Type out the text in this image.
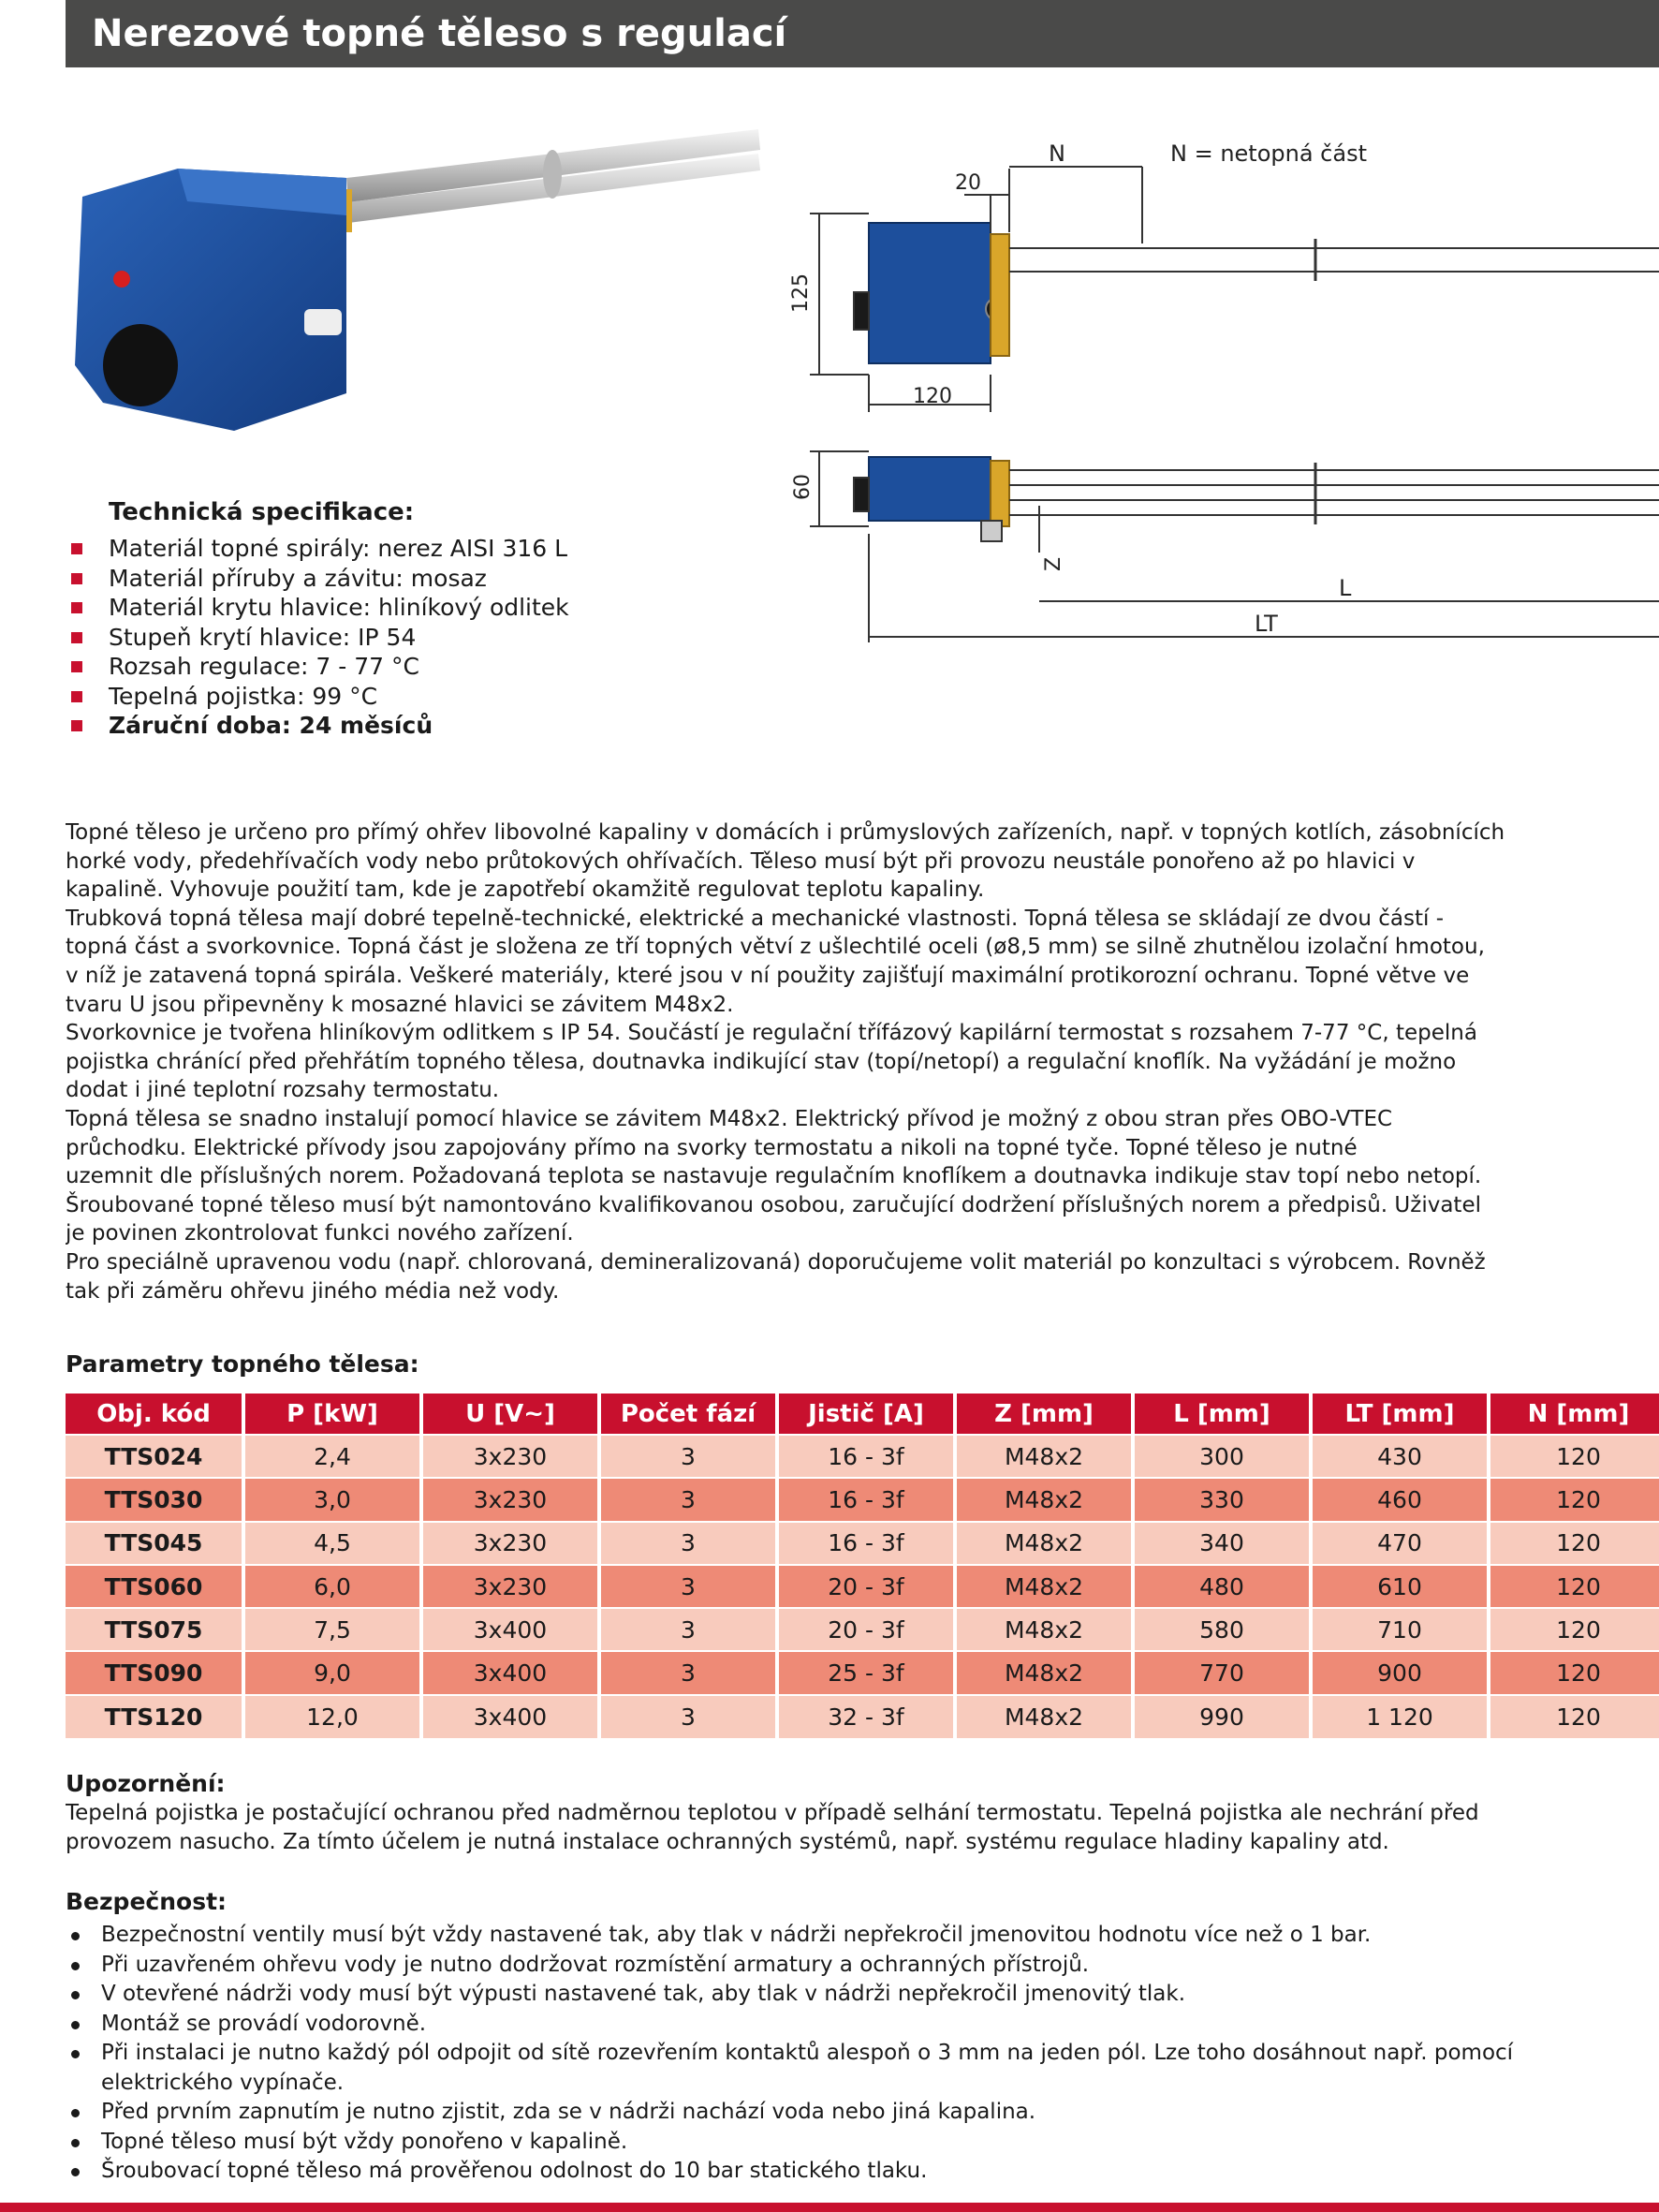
Nerezové topné těleso s regulací
N	N = netopná část
20
125
120
60
Z
L
LT
Technická specifikace:
Materiál topné spirály: nerez AISI 316 L
Materiál příruby a závitu: mosaz
Materiál krytu hlavice: hliníkový odlitek
Stupeň krytí hlavice: IP 54
Rozsah regulace: 7 - 77 °C
Tepelná pojistka: 99 °C
Záruční doba: 24 měsíců

Topné těleso je určeno pro přímý ohřev libovolné kapaliny v domácích i průmyslových zařízeních, např. v topných kotlích, zásobnících

horké vody, předehřívačích vody nebo průtokových ohřívačích. Těleso musí být při provozu neustále ponořeno až po hlavici v

kapalině. Vyhovuje použití tam, kde je zapotřebí okamžitě regulovat teplotu kapaliny.

Trubková topná tělesa mají dobré tepelně-technické, elektrické a mechanické vlastnosti. Topná tělesa se skládají ze dvou částí -

topná část a svorkovnice. Topná část je složena ze tří topných větví z ušlechtilé oceli (ø8,5 mm) se silně zhutnělou izolační hmotou,

v níž je zatavená topná spirála. Veškeré materiály, které jsou v ní použity zajišťují maximální protikorozní ochranu. Topné větve ve

tvaru U jsou připevněny k mosazné hlavici se závitem M48x2.

Svorkovnice je tvořena hliníkovým odlitkem s IP 54. Součástí je regulační třífázový kapilární termostat s rozsahem 7-77 °C, tepelná

pojistka chránící před přehřátím topného tělesa, doutnavka indikující stav (topí/netopí) a regulační knoflík. Na vyžádání je možno

dodat i jiné teplotní rozsahy termostatu.

Topná tělesa se snadno instalují pomocí hlavice se závitem M48x2. Elektrický přívod je možný z obou stran přes OBO-VTEC

průchodku. Elektrické přívody jsou zapojovány přímo na svorky termostatu a nikoli na topné tyče. Topné těleso je nutné

uzemnit dle příslušných norem. Požadovaná teplota se nastavuje regulačním knoflíkem a doutnavka indikuje stav topí nebo netopí.

Šroubované topné těleso musí být namontováno kvalifikovanou osobou, zaručující dodržení příslušných norem a předpisů. Uživatel

je povinen zkontrolovat funkci nového zařízení.

Pro speciálně upravenou vodu (např. chlorovaná, demineralizovaná) doporučujeme volit materiál po konzultaci s výrobcem. Rovněž

tak při záměru ohřevu jiného média než vody.

Parametry topného tělesa:
Obj. kód	P [kW]	U [V~]	Počet fází	Jistič [A]	Z [mm]	L [mm]	LT [mm]	N [mm]
TTS024	2,4	3x230	3	16 - 3f	M48x2	300	430	120
TTS030	3,0	3x230	3	16 - 3f	M48x2	330	460	120
TTS045	4,5	3x230	3	16 - 3f	M48x2	340	470	120
TTS060	6,0	3x230	3	20 - 3f	M48x2	480	610	120
TTS075	7,5	3x400	3	20 - 3f	M48x2	580	710	120
TTS090	9,0	3x400	3	25 - 3f	M48x2	770	900	120
TTS120	12,0	3x400	3	32 - 3f	M48x2	990	1 120	120
Upozornění:
Tepelná pojistka je postačující ochranou před nadměrnou teplotou v případě selhání termostatu. Tepelná pojistka ale nechrání před
provozem nasucho. Za tímto účelem je nutná instalace ochranných systémů, např. systému regulace hladiny kapaliny atd.
Bezpečnost:
Bezpečnostní ventily musí být vždy nastavené tak, aby tlak v nádrži nepřekročil jmenovitou hodnotu více než o 1 bar.
Při uzavřeném ohřevu vody je nutno dodržovat rozmístění armatury a ochranných přístrojů.
V otevřené nádrži vody musí být výpusti nastavené tak, aby tlak v nádrži nepřekročil jmenovitý tlak.
Montáž se provádí vodorovně.
Při instalaci je nutno každý pól odpojit od sítě rozevřením kontaktů alespoň o 3 mm na jeden pól. Lze toho dosáhnout např. pomocí
elektrického vypínače.
Před prvním zapnutím je nutno zjistit, zda se v nádrži nachází voda nebo jiná kapalina.
Topné těleso musí být vždy ponořeno v kapalině.
Šroubovací topné těleso má prověřenou odolnost do 10 bar statického tlaku.
